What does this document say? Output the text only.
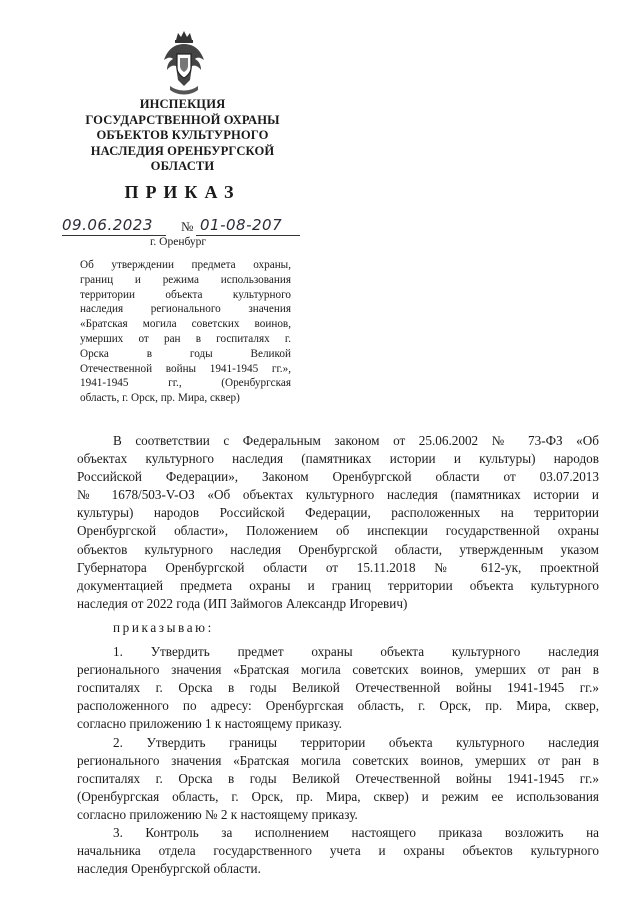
ИНСПЕКЦИЯ
ГОСУДАРСТВЕННОЙ ОХРАНЫ
ОБЪЕКТОВ КУЛЬТУРНОГО
НАСЛЕДИЯ ОРЕНБУРГСКОЙ
ОБЛАСТИ
ПРИКАЗ
09.06.2023 № 01-08-207
г. Оренбург
Об утверждении предмета охраны,
границ и режима использования
территории объекта культурного
наследия регионального значения
«Братская могила советских воинов,
умерших от ран в госпиталях г.
Орска в годы Великой
Отечественной войны 1941-1945 гг.»,
1941-1945 гг., (Оренбургская
область, г. Орск, пр. Мира, сквер)
В соответствии с Федеральным законом от 25.06.2002 № 73-ФЗ «Об
объектах культурного наследия (памятниках истории и культуры) народов
Российской Федерации», Законом Оренбургской области от 03.07.2013
№ 1678/503-V-ОЗ «Об объектах культурного наследия (памятниках истории и
культуры) народов Российской Федерации, расположенных на территории
Оренбургской области», Положением об инспекции государственной охраны
объектов культурного наследия Оренбургской области, утвержденным указом
Губернатора Оренбургской области от 15.11.2018 № 612-ук, проектной
документацией предмета охраны и границ территории объекта культурного
наследия от 2022 года (ИП Займогов Александр Игоревич)
приказываю:
1. Утвердить предмет охраны объекта культурного наследия
регионального значения «Братская могила советских воинов, умерших от ран в
госпиталях г. Орска в годы Великой Отечественной войны 1941-1945 гг.»
расположенного по адресу: Оренбургская область, г. Орск, пр. Мира, сквер,
согласно приложению 1 к настоящему приказу.
2. Утвердить границы территории объекта культурного наследия
регионального значения «Братская могила советских воинов, умерших от ран в
госпиталях г. Орска в годы Великой Отечественной войны 1941-1945 гг.»
(Оренбургская область, г. Орск, пр. Мира, сквер) и режим ее использования
согласно приложению № 2 к настоящему приказу.
3. Контроль за исполнением настоящего приказа возложить на
начальника отдела государственного учета и охраны объектов культурного
наследия Оренбургской области.
